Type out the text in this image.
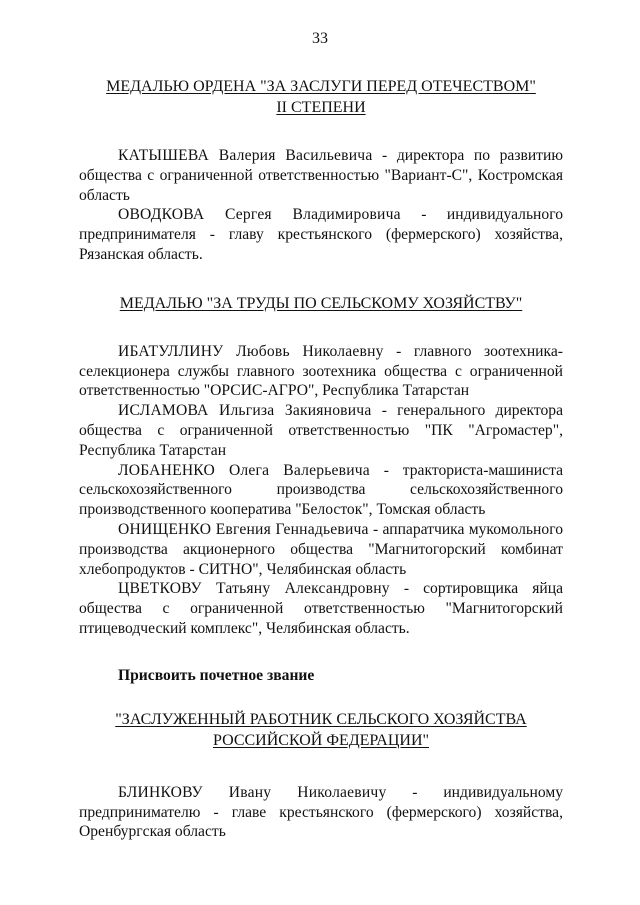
33
МЕДАЛЬЮ ОРДЕНА "ЗА ЗАСЛУГИ ПЕРЕД ОТЕЧЕСТВОМ"
II СТЕПЕНИ

КАТЫШЕВА Валерия Васильевича - директора по развитию общества с ограниченной ответственностью "Вариант-С", Костромская область

ОВОДКОВА Сергея Владимировича - индивидуального предпринимателя - главу крестьянского (фермерского) хозяйства, Рязанская область.

МЕДАЛЬЮ "ЗА ТРУДЫ ПО СЕЛЬСКОМУ ХОЗЯЙСТВУ"

ИБАТУЛЛИНУ Любовь Николаевну - главного зоотехника-селекционера службы главного зоотехника общества с ограниченной ответственностью "ОРСИС-АГРО", Республика Татарстан

ИСЛАМОВА Ильгиза Закияновича - генерального директора общества с ограниченной ответственностью "ПК "Агромастер", Республика Татарстан

ЛОБАНЕНКО Олега Валерьевича - тракториста-машиниста сельскохозяйственного производства сельскохозяйственного производственного кооператива "Белосток", Томская область

ОНИЩЕНКО Евгения Геннадьевича - аппаратчика мукомольного производства акционерного общества "Магнитогорский комбинат хлебопродуктов - СИТНО", Челябинская область

ЦВЕТКОВУ Татьяну Александровну - сортировщика яйца общества с ограниченной ответственностью "Магнитогорский птицеводческий комплекс", Челябинская область.

Присвоить почетное звание

"ЗАСЛУЖЕННЫЙ РАБОТНИК СЕЛЬСКОГО ХОЗЯЙСТВА
РОССИЙСКОЙ ФЕДЕРАЦИИ"

БЛИНКОВУ Ивану Николаевичу - индивидуальному предпринимателю - главе крестьянского (фермерского) хозяйства, Оренбургская область
